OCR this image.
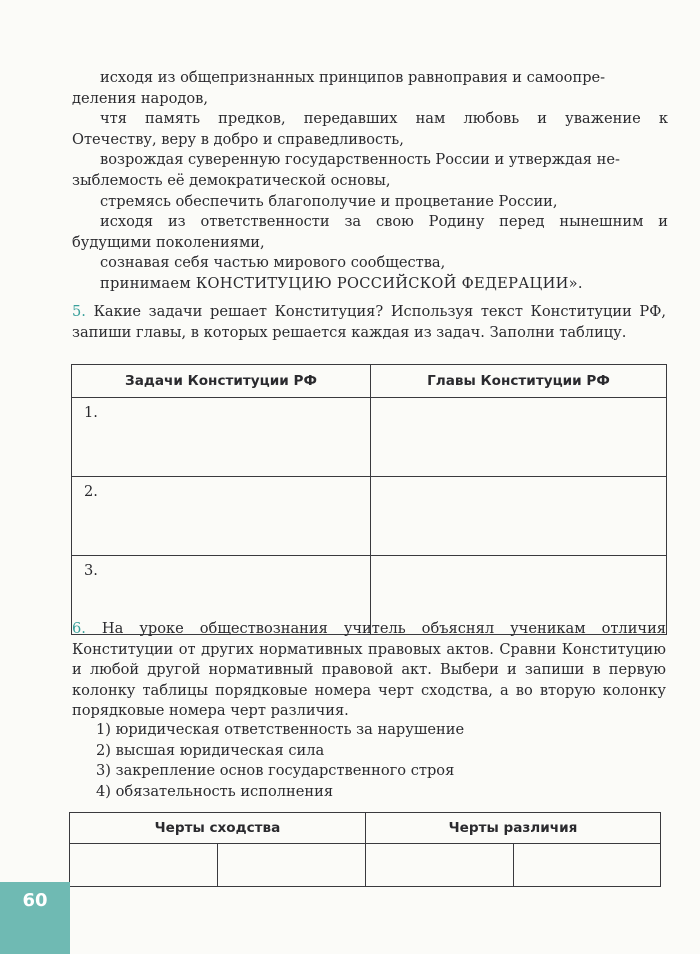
исходя из общепризнанных принципов равноправия и самоопре-
деления народов,
чтя память предков, передавших нам любовь и уважение к
Отечеству, веру в добро и справедливость,
возрождая суверенную государственность России и утверждая не-
зыблемость её демократической основы,
стремясь обеспечить благополучие и процветание России,
исходя из ответственности за свою Родину перед нынешним и
будущими поколениями,
сознавая себя частью мирового сообщества,
принимаем КОНСТИТУЦИЮ РОССИЙСКОЙ ФЕДЕРАЦИИ».

5. Какие задачи решает Конституция? Используя текст Конституции РФ, запиши главы, в которых решается каждая из задач. Заполни таблицу.

Задачи Конституции РФ	Главы Конституции РФ
1.	
2.	
3.	

6. На уроке обществознания учитель объяснял ученикам отличия Конституции от других нормативных правовых актов. Сравни Конституцию и любой другой нормативный правовой акт. Выбери и запиши в первую колонку таблицы порядковые номера черт сходства, а во вторую колонку порядковые номера черт различия.

1) юридическая ответственность за нарушение
2) высшая юридическая сила
3) закрепление основ государственного строя
4) обязательность исполнения
Черты сходства		Черты различия	

60
